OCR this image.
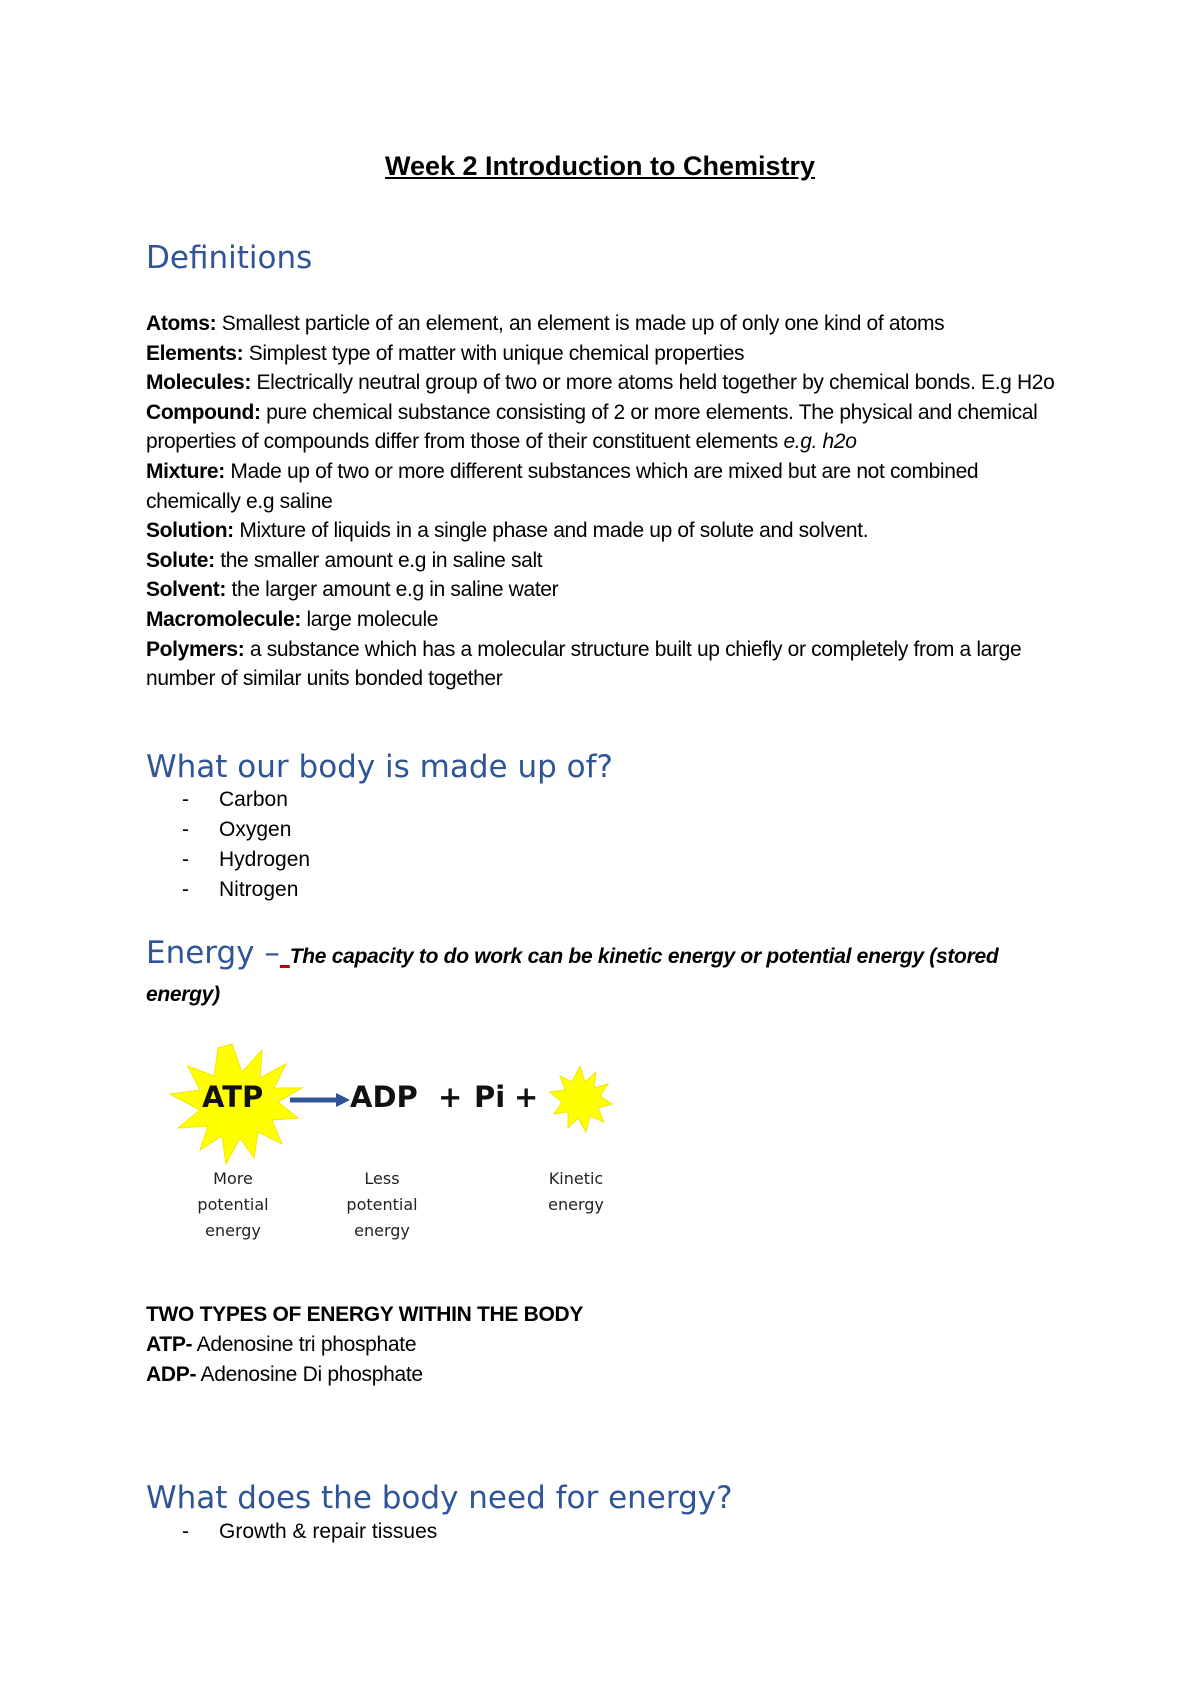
Week 2 Introduction to Chemistry
Definitions

Atoms: Smallest particle of an element, an element is made up of only one kind of atoms

Elements: Simplest type of matter with unique chemical properties

Molecules: Electrically neutral group of two or more atoms held together by chemical bonds. E.g H2o

Compound: pure chemical substance consisting of 2 or more elements. The physical and chemical properties of compounds differ from those of their constituent elements e.g. h2o

Mixture: Made up of two or more different substances which are mixed but are not combined chemically e.g saline

Solution: Mixture of liquids in a single phase and made up of solute and solvent.

Solute: the smaller amount e.g in saline salt

Solvent: the larger amount e.g in saline water

Macromolecule: large molecule

Polymers: a substance which has a molecular structure built up chiefly or completely from a large number of similar units bonded together

What our body is made up of?
- Carbon
- Oxygen
- Hydrogen
- Nitrogen
Energy – The capacity to do work can be kinetic energy or potential energy (stored energy)
ATP	ADP + Pi +
More
potential
energy
Less
potential
energy
Kinetic
energy

TWO TYPES OF ENERGY WITHIN THE BODY

ATP- Adenosine tri phosphate

ADP- Adenosine Di phosphate

What does the body need for energy?
- Growth & repair tissues
